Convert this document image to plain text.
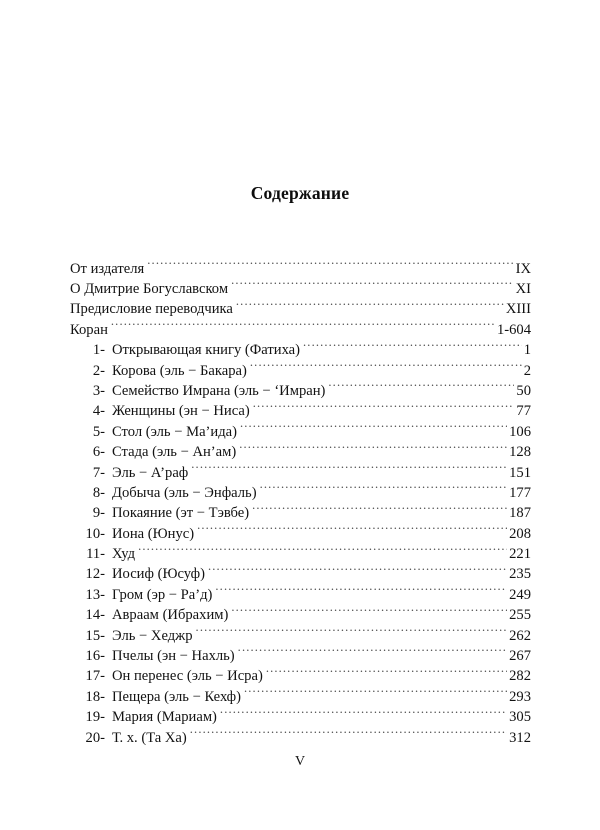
Содержание
От издателя .....	IX
О Дмитрие Богуславском .....	XI
Предисловие переводчика .....	XIII
Коран .....	1-604
1- Открывающая книгу (Фатиха) .....	1
2- Корова (эль − Бакара) .....	2
3- Семейство Имрана (эль − ‘Имран) .....	50
4- Женщины (эн − Ниса) .....	77
5- Стол (эль − Ма’ида) .....	106
6- Стада (эль − Ан’ам) .....	128
7- Эль − А’раф .....	151
8- Добыча (эль − Энфаль) .....	177
9- Покаяние (эт − Тэвбе) .....	187
10- Иона (Юнус) .....	208
11- Худ .....	221
12- Иосиф (Юсуф) .....	235
13- Гром (эр − Ра’д) .....	249
14- Авраам (Ибрахим) .....	255
15- Эль − Хеджр .....	262
16- Пчелы (эн − Нахль) .....	267
17- Он перенес (эль − Исра) .....	282
18- Пещера (эль − Кехф) .....	293
19- Мария (Мариам) .....	305
20- Т. х. (Та Ха) .....	312
V
